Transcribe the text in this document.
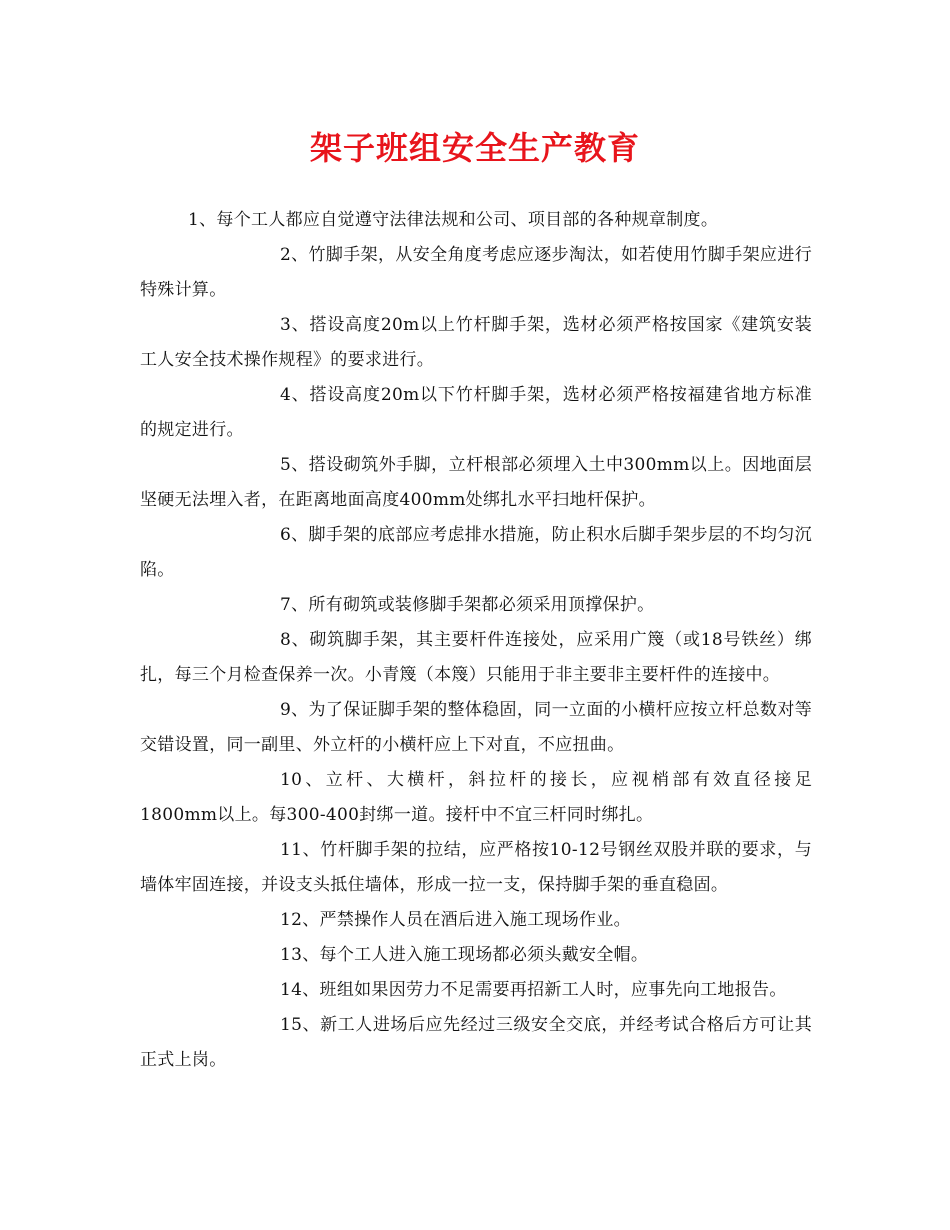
架子班组安全生产教育

1、每个工人都应自觉遵守法律法规和公司、项目部的各种规章制度。

2、竹脚手架，从安全角度考虑应逐步淘汰，如若使用竹脚手架应进行特殊计算。

3、搭设高度20m以上竹杆脚手架，选材必须严格按国家《建筑安装工人安全技术操作规程》的要求进行。

4、搭设高度20m以下竹杆脚手架，选材必须严格按福建省地方标准的规定进行。

5、搭设砌筑外手脚，立杆根部必须埋入土中300mm以上。因地面层坚硬无法埋入者，在距离地面高度400mm处绑扎水平扫地杆保护。

6、脚手架的底部应考虑排水措施，防止积水后脚手架步层的不均匀沉陷。

7、所有砌筑或装修脚手架都必须采用顶撑保护。

8、砌筑脚手架，其主要杆件连接处，应采用广篾（或18号铁丝）绑扎，每三个月检查保养一次。小青篾（本篾）只能用于非主要非主要杆件的连接中。

9、为了保证脚手架的整体稳固，同一立面的小横杆应按立杆总数对等交错设置，同一副里、外立杆的小横杆应上下对直，不应扭曲。

10、立杆、大横杆，斜拉杆的接长，应视梢部有效直径接足1800mm以上。每300-400封绑一道。接杆中不宜三杆同时绑扎。

11、竹杆脚手架的拉结，应严格按10-12号钢丝双股并联的要求，与墙体牢固连接，并设支头抵住墙体，形成一拉一支，保持脚手架的垂直稳固。

12、严禁操作人员在酒后进入施工现场作业。

13、每个工人进入施工现场都必须头戴安全帽。

14、班组如果因劳力不足需要再招新工人时，应事先向工地报告。

15、新工人进场后应先经过三级安全交底，并经考试合格后方可让其正式上岗。
